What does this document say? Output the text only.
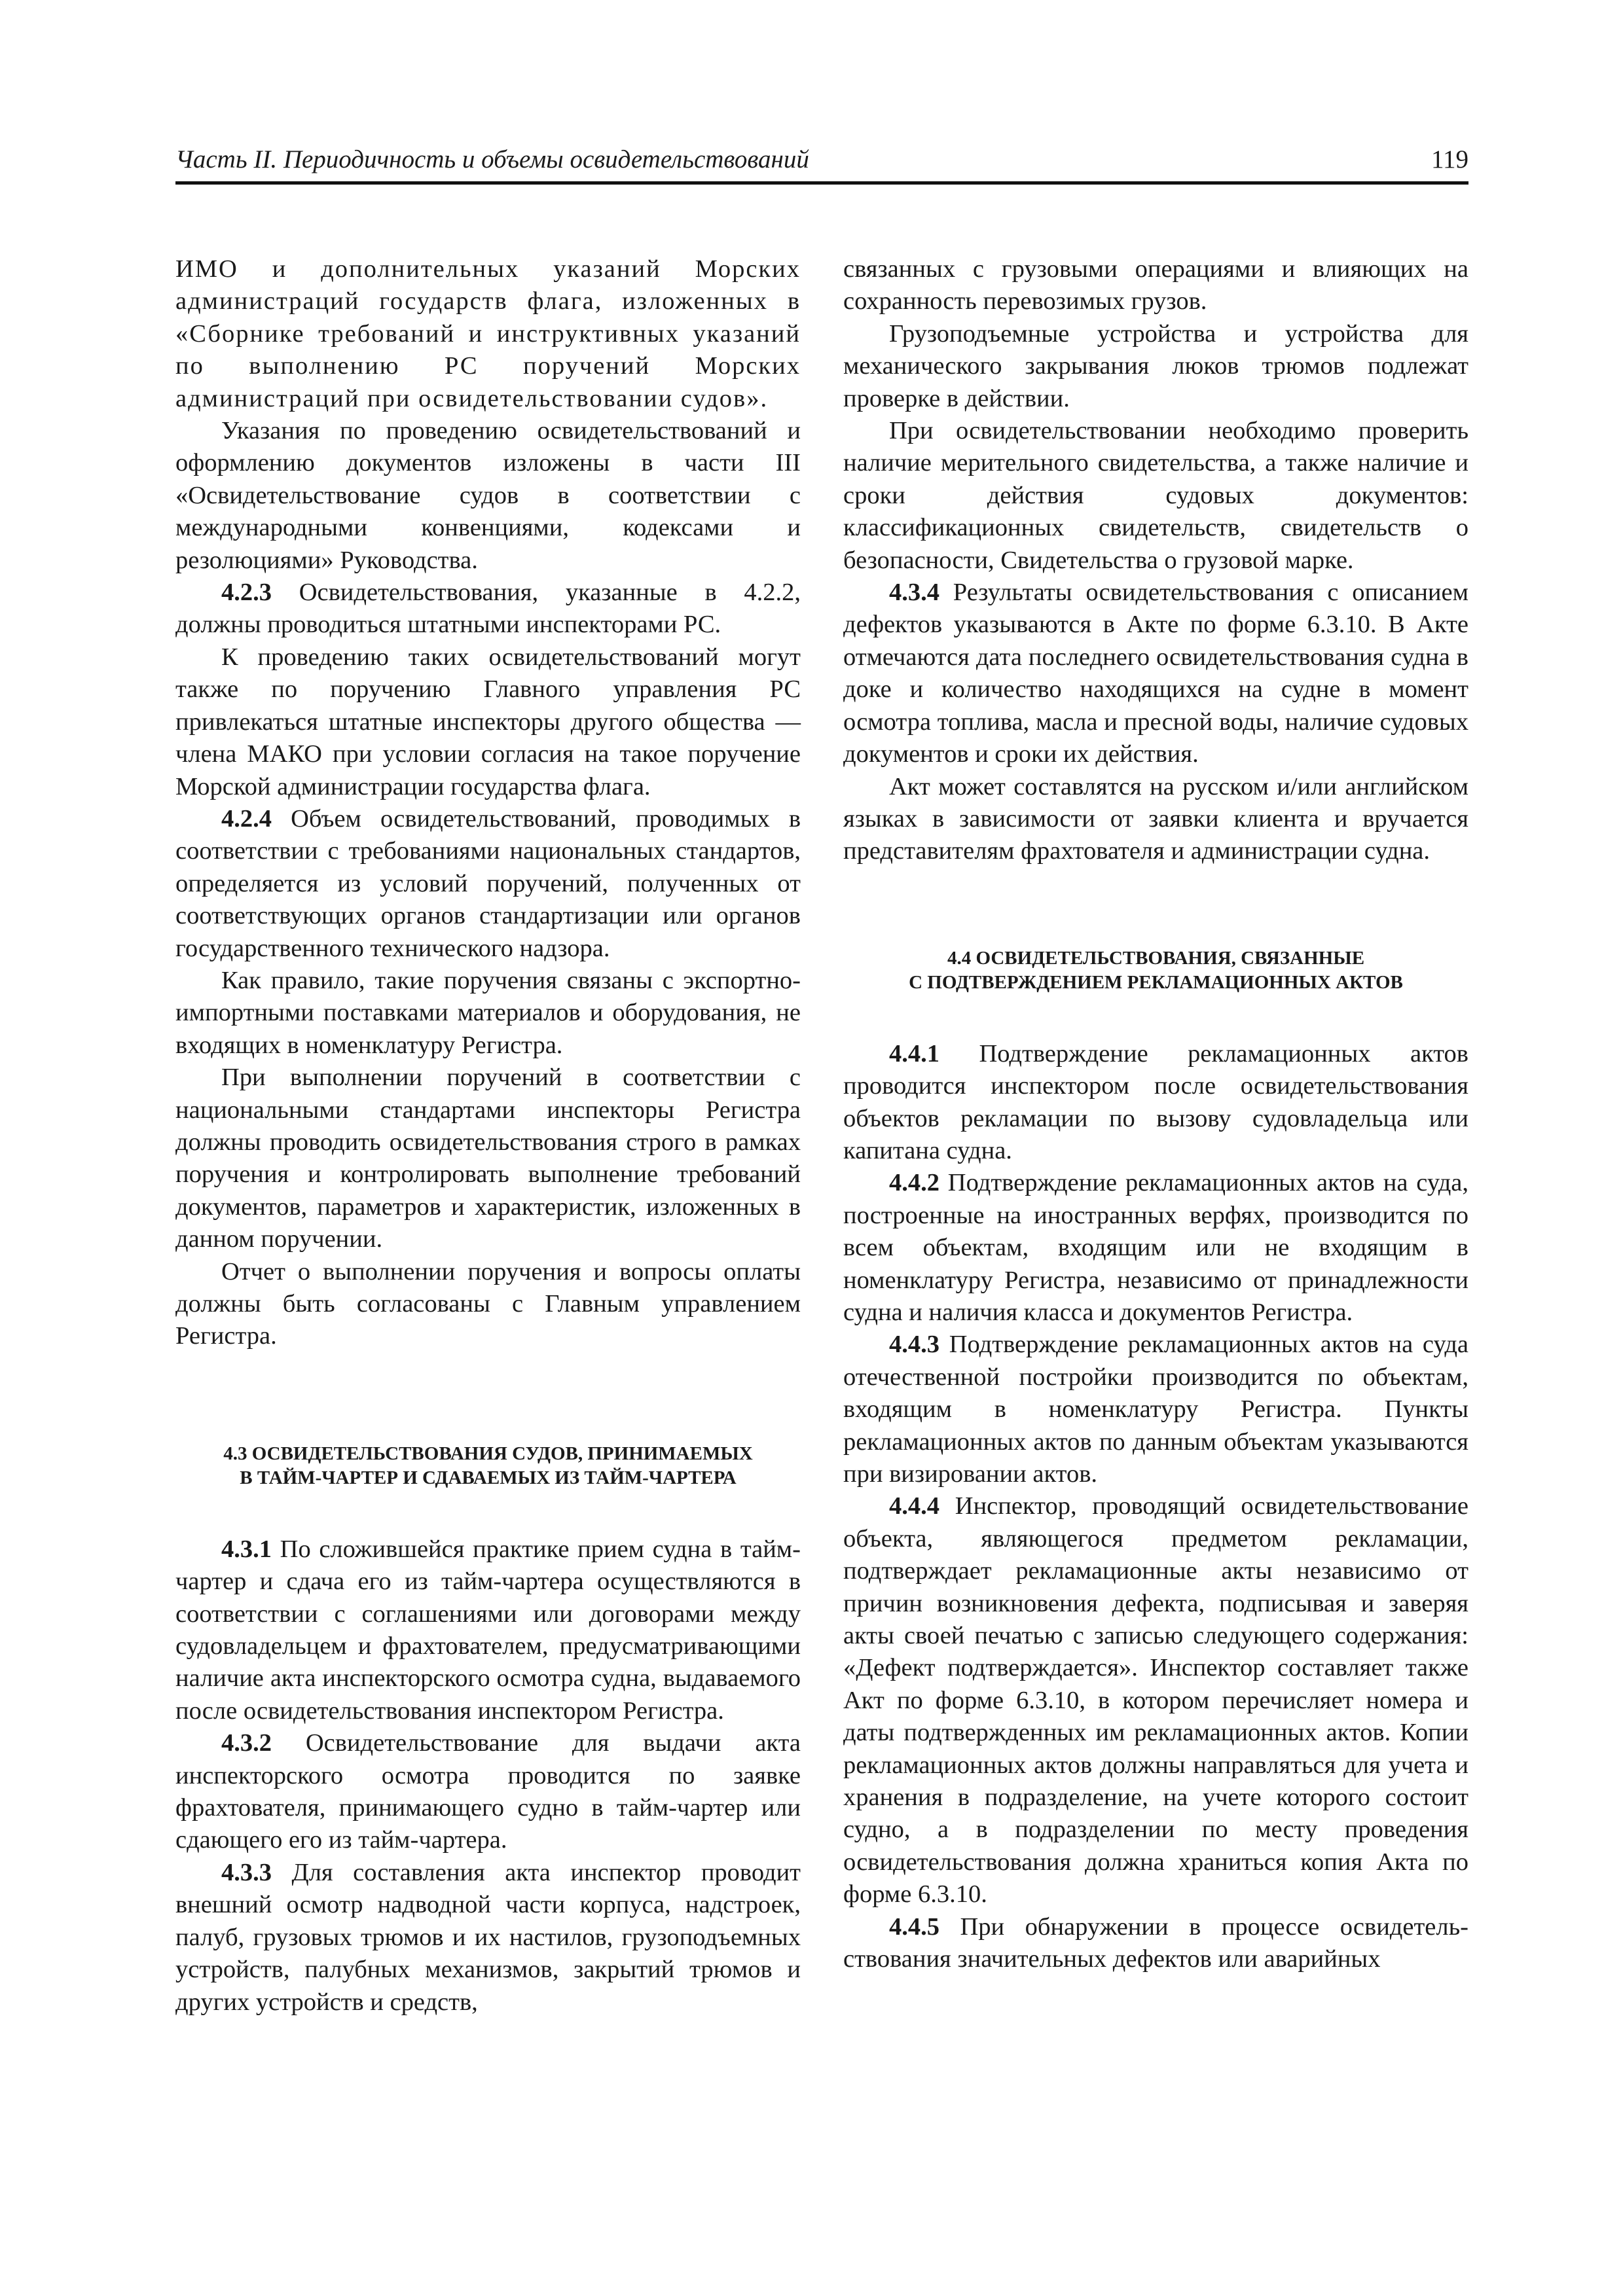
Часть II. Периодичность и объемы освидетельствований	119

ИМО и дополнительных указаний Морских администраций государств флага, изложенных в «Сборнике требований и инструктивных указаний по выполнению РС поручений Морских администраций при освидетельствовании судов».

Указания по проведению освидетельствований и оформлению документов изложены в части III «Освидетельствование судов в соответствии с международными конвенциями, кодексами и резолюциями» Руководства.

4.2.3 Освидетельствования, указанные в 4.2.2, должны проводиться штатными инспекторами РС.

К проведению таких освидетельствований могут также по поручению Главного управления РС привлекаться штатные инспекторы другого общества — члена МАКО при условии согласия на такое поручение Морской администрации государства флага.

4.2.4 Объем освидетельствований, проводимых в соответствии с требованиями национальных стандартов, определяется из условий поручений, полученных от соответствующих органов стандартизации или органов государственного технического надзора.

Как правило, такие поручения связаны с экспортно-импортными поставками материалов и оборудования, не входящих в номенклатуру Регистра.

При выполнении поручений в соответствии с национальными стандартами инспекторы Регистра должны проводить освидетельствования строго в рамках поручения и контролировать выполнение требований документов, параметров и характеристик, изложенных в данном поручении.

Отчет о выполнении поручения и вопросы оплаты должны быть согласованы с Главным управлением Регистра.

4.3 ОСВИДЕТЕЛЬСТВОВАНИЯ СУДОВ, ПРИНИМАЕМЫХ
В ТАЙМ-ЧАРТЕР И СДАВАЕМЫХ ИЗ ТАЙМ-ЧАРТЕРА

4.3.1 По сложившейся практике прием судна в тайм-чартер и сдача его из тайм-чартера осуществляются в соответствии с соглашениями или договорами между судовладельцем и фрахтователем, предусматривающими наличие акта инспекторского осмотра судна, выдаваемого после освидетельствования инспектором Регистра.

4.3.2 Освидетельствование для выдачи акта инспекторского осмотра проводится по заявке фрахтователя, принимающего судно в тайм-чартер или сдающего его из тайм-чартера.

4.3.3 Для составления акта инспектор проводит внешний осмотр надводной части корпуса, надстроек, палуб, грузовых трюмов и их настилов, грузоподъемных устройств, палубных механизмов, закрытий трюмов и других устройств и средств,

связанных с грузовыми операциями и влияющих на сохранность перевозимых грузов.

Грузоподъемные устройства и устройства для механического закрывания люков трюмов подлежат проверке в действии.

При освидетельствовании необходимо проверить наличие мерительного свидетельства, а также наличие и сроки действия судовых документов: классификационных свидетельств, свидетельств о безопасности, Свидетельства о грузовой марке.

4.3.4 Результаты освидетельствования с описанием дефектов указываются в Акте по форме 6.3.10. В Акте отмечаются дата последнего освидетельствования судна в доке и количество находящихся на судне в момент осмотра топлива, масла и пресной воды, наличие судовых документов и сроки их действия.

Акт может составлятся на русском и/или английском языках в зависимости от заявки клиента и вручается представителям фрахтователя и администрации судна.

4.4 ОСВИДЕТЕЛЬСТВОВАНИЯ, СВЯЗАННЫЕ
С ПОДТВЕРЖДЕНИЕМ РЕКЛАМАЦИОННЫХ АКТОВ

4.4.1 Подтверждение рекламационных актов проводится инспектором после освидетельствования объектов рекламации по вызову судовладельца или капитана судна.

4.4.2 Подтверждение рекламационных актов на суда, построенные на иностранных верфях, производится по всем объектам, входящим или не входящим в номенклатуру Регистра, независимо от принадлежности судна и наличия класса и документов Регистра.

4.4.3 Подтверждение рекламационных актов на суда отечественной постройки производится по объектам, входящим в номенклатуру Регистра. Пункты рекламационных актов по данным объектам указываются при визировании актов.

4.4.4 Инспектор, проводящий освидетельствование объекта, являющегося предметом рекламации, подтверждает рекламационные акты независимо от причин возникновения дефекта, подписывая и заверяя акты своей печатью с записью следующего содержания: «Дефект подтверждается». Инспектор составляет также Акт по форме 6.3.10, в котором перечисляет номера и даты подтвержденных им рекламационных актов. Копии рекламационных актов должны направляться для учета и хранения в подразделение, на учете которого состоит судно, а в подразделении по месту проведения освидетельствования должна храниться копия Акта по форме 6.3.10.

4.4.5 При обнаружении в процессе освидетельствования значительных дефектов или аварийных
